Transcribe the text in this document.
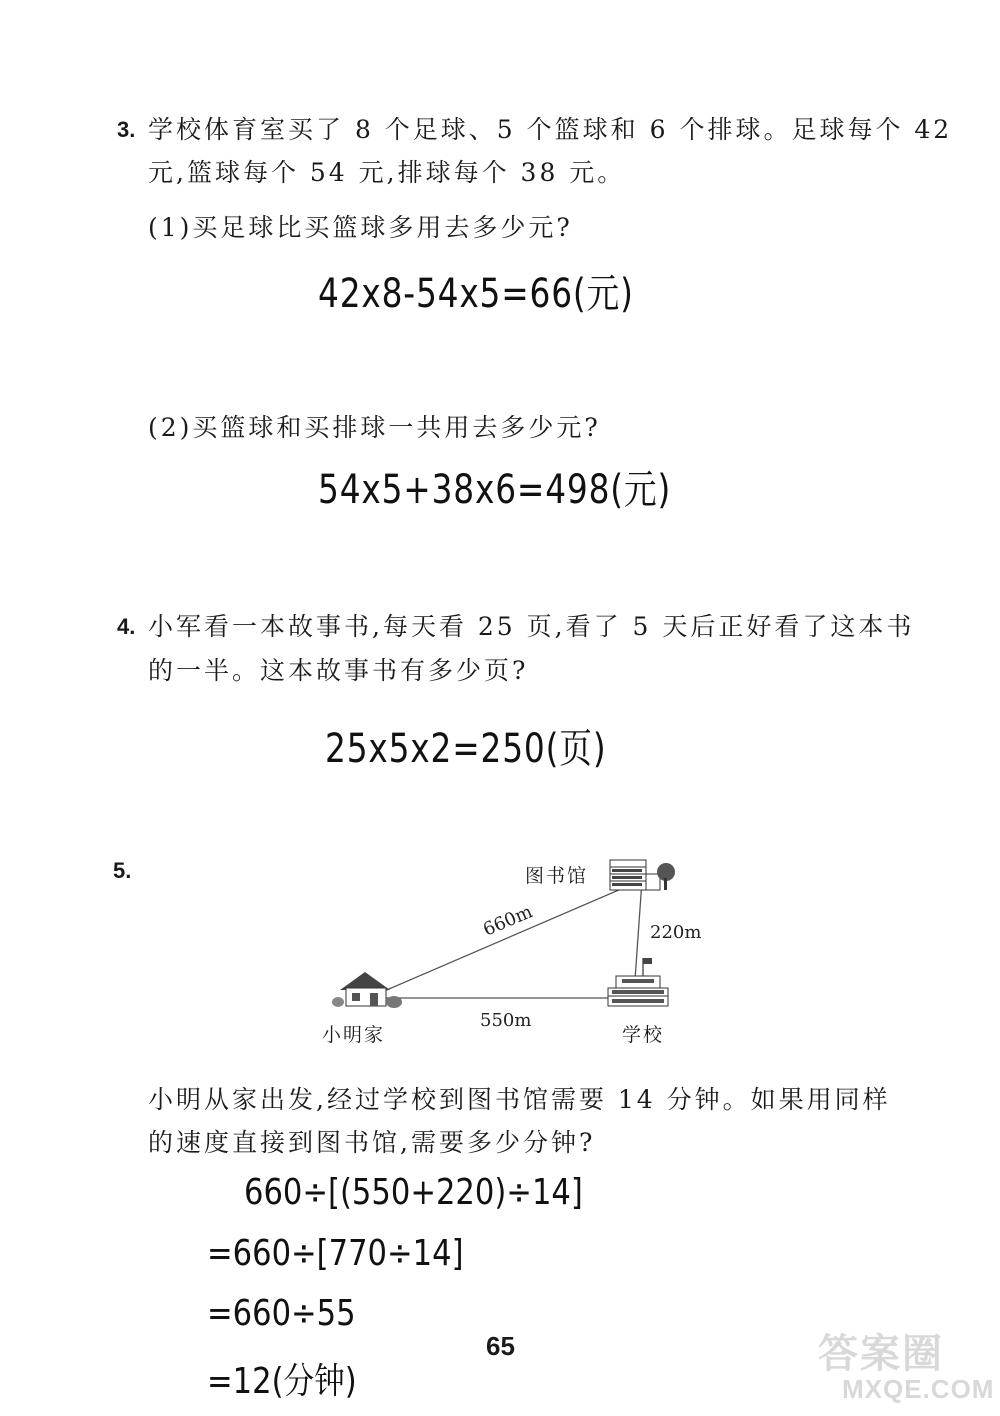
3. 学校体育室买了 8 个足球、5 个篮球和 6 个排球。足球每个 42
元,篮球每个 54 元,排球每个 38 元。
(1)买足球比买篮球多用去多少元?
42x8-54x5=66(元)
(2)买篮球和买排球一共用去多少元?
54x5+38x6=498(元)
4. 小军看一本故事书,每天看 25 页,看了 5 天后正好看了这本书
的一半。这本故事书有多少页?
25x5x2=250(页)
5.
660m	220m
550m
图书馆
小明家	学校
小明从家出发,经过学校到图书馆需要 14 分钟。如果用同样
的速度直接到图书馆,需要多少分钟?
660÷[(550+220)÷14]
=660÷[770÷14]
=660÷55
=12(分钟)
65	答案圈
MXQE.COM
